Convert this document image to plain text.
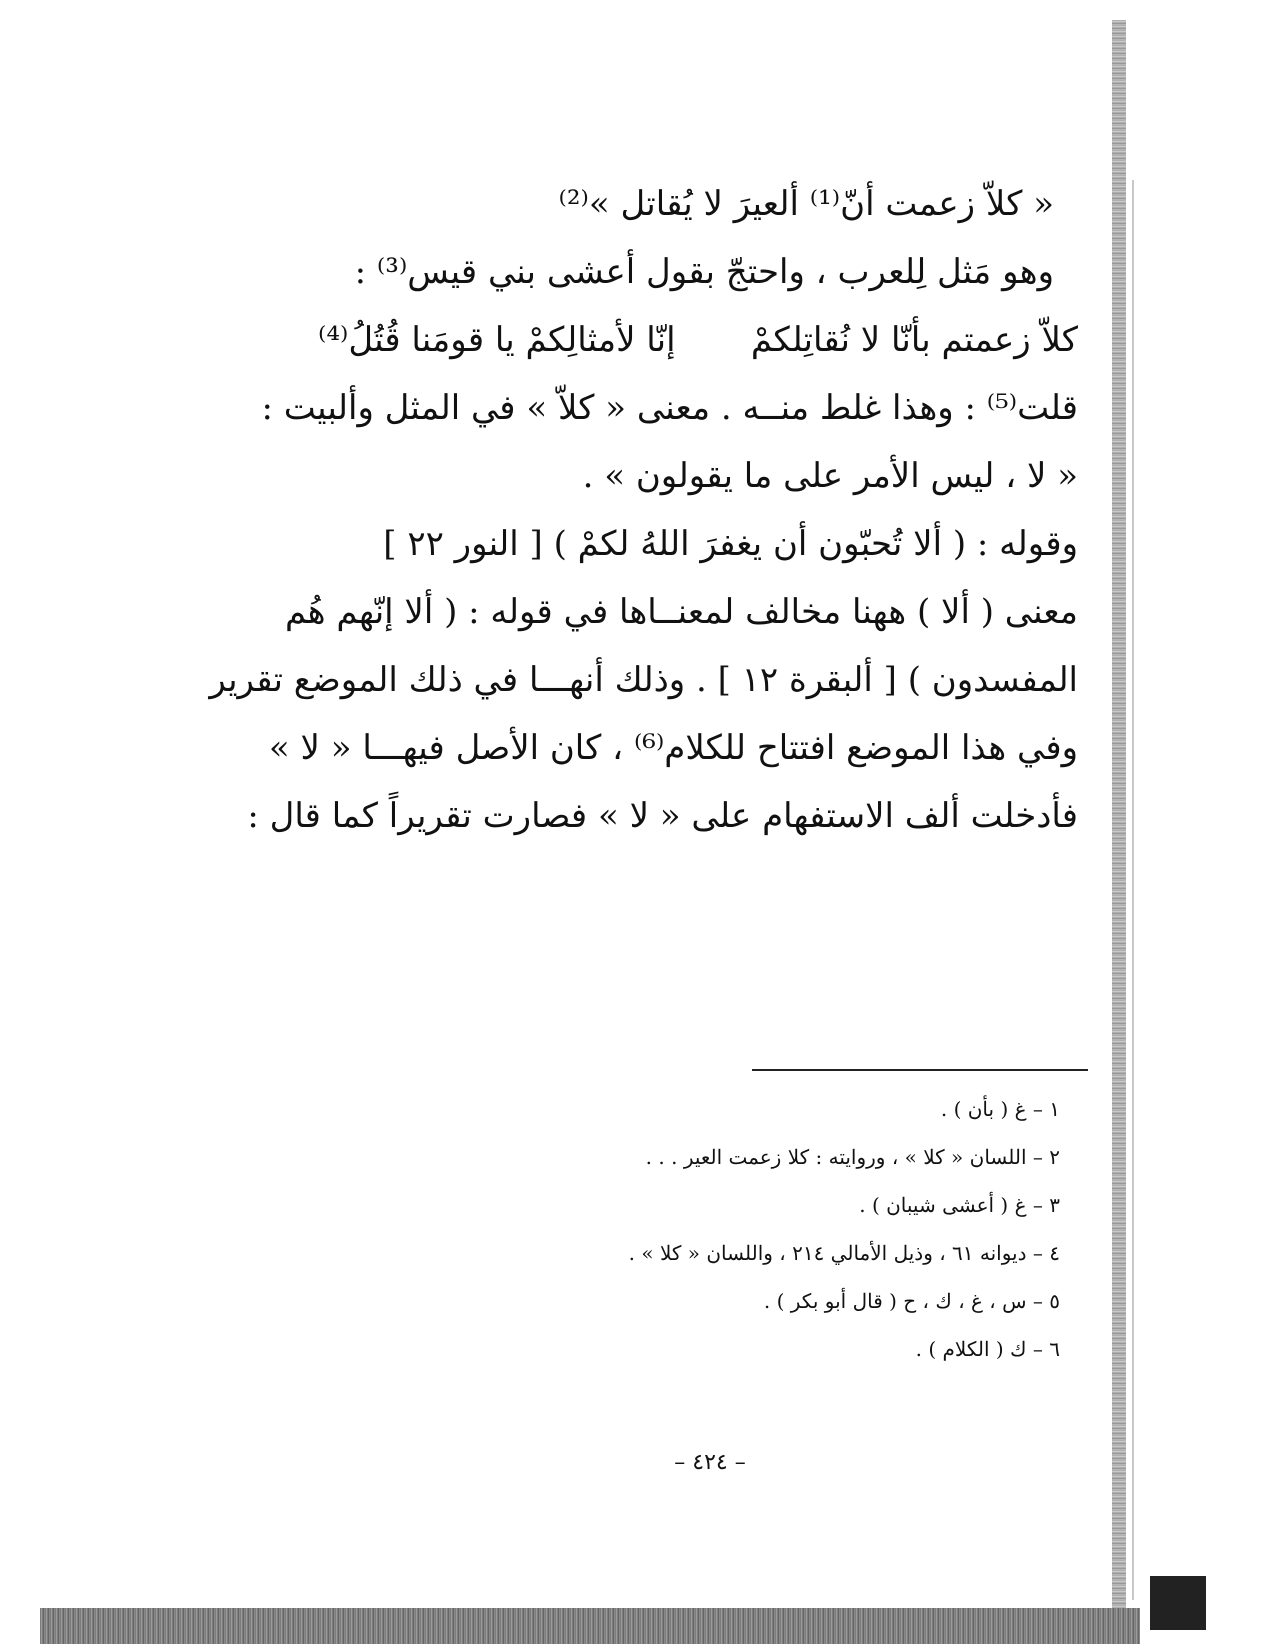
« كلاّ زعمت أنّ⁽¹⁾ ألعيرَ لا يُقاتل »⁽²⁾
وهو مَثل لِلعرب ، واحتجّ بقول أعشى بني قيس⁽³⁾ :
كلاّ زعمتم بأنّا لا نُقاتِلكمْ
إنّا لأمثالِكمْ يا قومَنا قُتُلُ⁽⁴⁾
قلت⁽⁵⁾ : وهذا غلط منــه . معنى « كلاّ » في المثل وألبيت :
« لا ، ليس الأمر على ما يقولون » .
وقوله : ( ألا تُحبّون أن يغفرَ اللهُ لكمْ ) [ النور ٢٢ ]
معنى ( ألا ) ههنا مخالف لمعنــاها في قوله : ( ألا إنّهم هُم
المفسدون ) [ ألبقرة ١٢ ] . وذلك أنهـــا في ذلك الموضع تقرير
وفي هذا الموضع افتتاح للكلام⁽⁶⁾ ، كان الأصل فيهـــا « لا »
فأدخلت ألف الاستفهام على « لا » فصارت تقريراً كما قال :
١ – غ ( بأن ) .
٢ – اللسان « كلا » ، وروايته : كلا زعمت العير . . .
٣ – غ ( أعشى شيبان ) .
٤ – ديوانه ٦١ ، وذيل الأمالي ٢١٤ ، واللسان « كلا » .
٥ – س ، غ ، ك ، ح ( قال أبو بكر ) .
٦ – ك ( الكلام ) .
– ٤٢٤ –
